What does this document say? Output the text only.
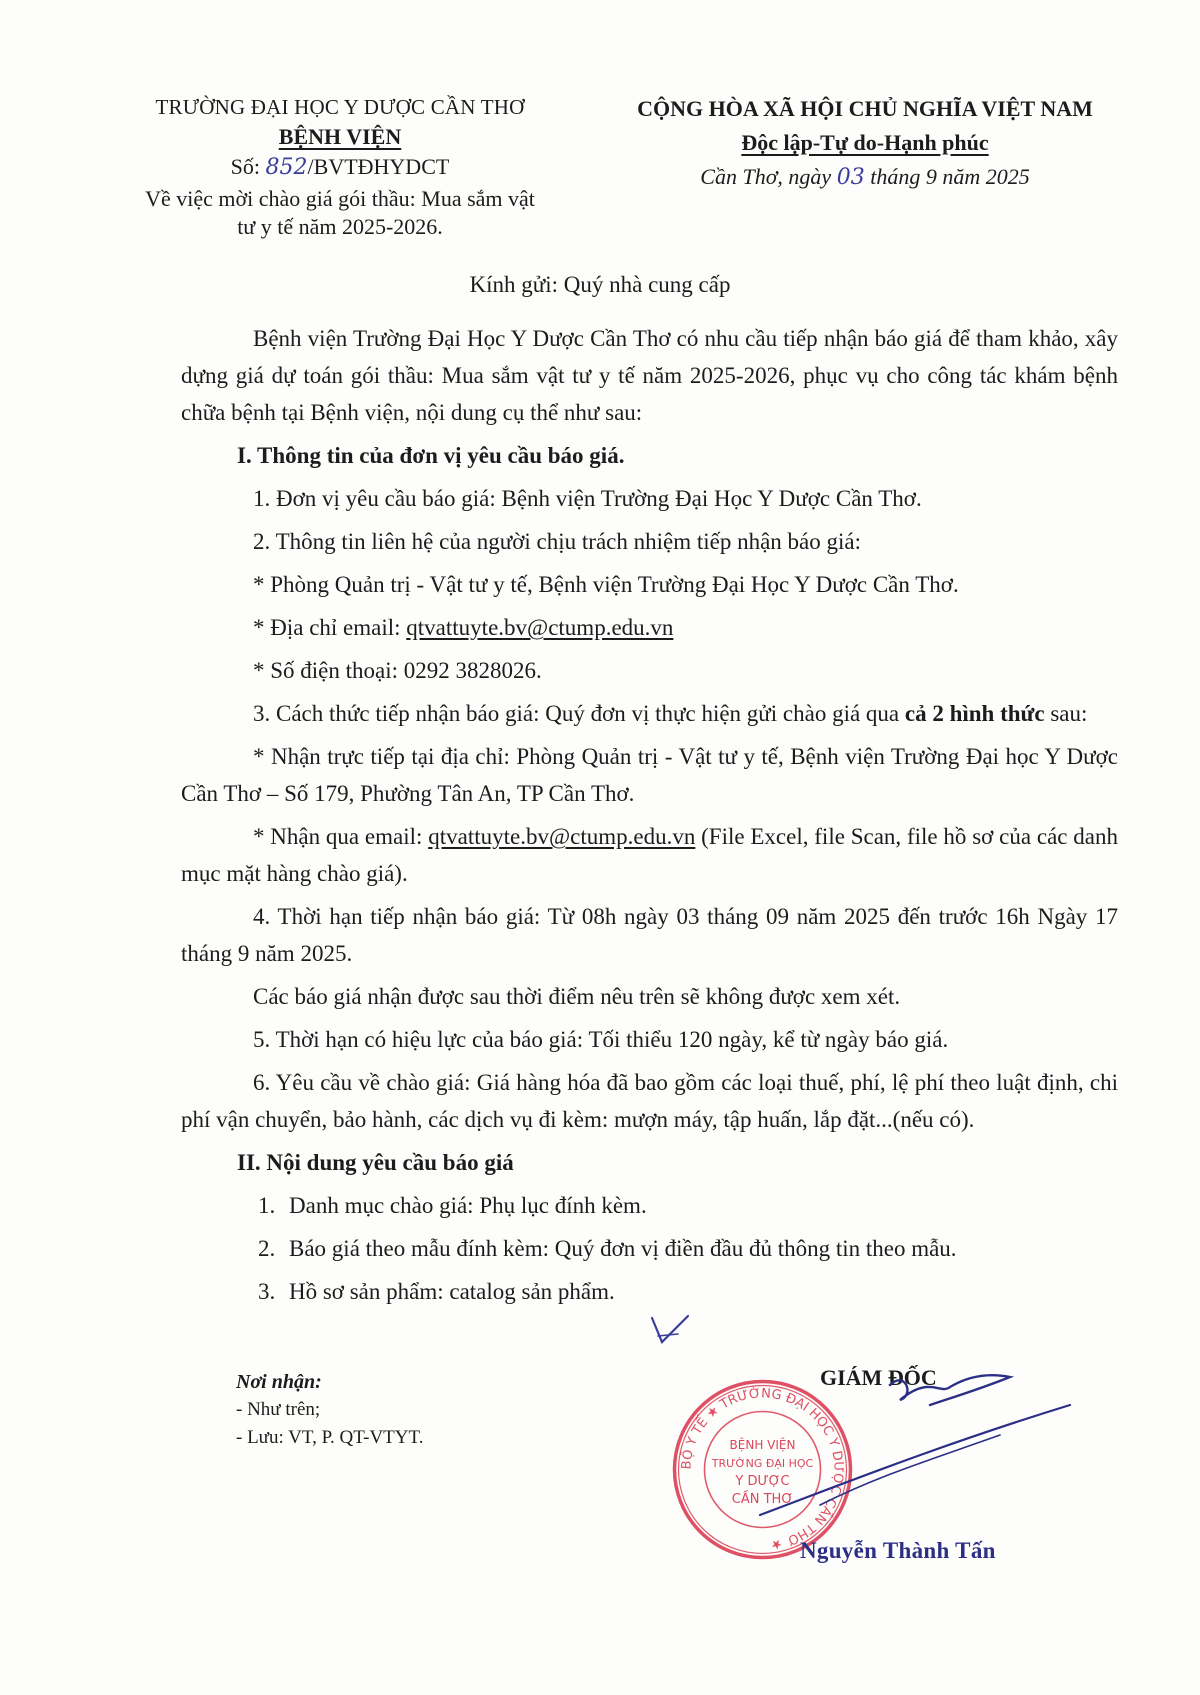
TRƯỜNG ĐẠI HỌC Y DƯỢC CẦN THƠ
BỆNH VIỆN
Số: 852/BVTĐHYDCT
Về việc mời chào giá gói thầu: Mua sắm vật
tư y tế năm 2025-2026.
CỘNG HÒA XÃ HỘI CHỦ NGHĨA VIỆT NAM
Độc lập-Tự do-Hạnh phúc
Cần Thơ, ngày 03 tháng 9 năm 2025
Kính gửi: Quý nhà cung cấp

Bệnh viện Trường Đại Học Y Dược Cần Thơ có nhu cầu tiếp nhận báo giá để tham khảo, xây dựng giá dự toán gói thầu: Mua sắm vật tư y tế năm 2025-2026, phục vụ cho công tác khám bệnh chữa bệnh tại Bệnh viện, nội dung cụ thể như sau:

I. Thông tin của đơn vị yêu cầu báo giá.

1. Đơn vị yêu cầu báo giá: Bệnh viện Trường Đại Học Y Dược Cần Thơ.

2. Thông tin liên hệ của người chịu trách nhiệm tiếp nhận báo giá:

* Phòng Quản trị - Vật tư y tế, Bệnh viện Trường Đại Học Y Dược Cần Thơ.

* Địa chỉ email: qtvattuyte.bv@ctump.edu.vn

* Số điện thoại: 0292 3828026.

3. Cách thức tiếp nhận báo giá: Quý đơn vị thực hiện gửi chào giá qua cả 2 hình thức sau:

* Nhận trực tiếp tại địa chỉ: Phòng Quản trị - Vật tư y tế, Bệnh viện Trường Đại học Y Dược Cần Thơ – Số 179, Phường Tân An, TP Cần Thơ.

* Nhận qua email: qtvattuyte.bv@ctump.edu.vn (File Excel, file Scan, file hồ sơ của các danh mục mặt hàng chào giá).

4. Thời hạn tiếp nhận báo giá: Từ 08h ngày 03 tháng 09 năm 2025 đến trước 16h Ngày 17 tháng 9 năm 2025.

Các báo giá nhận được sau thời điểm nêu trên sẽ không được xem xét.

5. Thời hạn có hiệu lực của báo giá: Tối thiểu 120 ngày, kể từ ngày báo giá.

6. Yêu cầu về chào giá: Giá hàng hóa đã bao gồm các loại thuế, phí, lệ phí theo luật định, chi phí vận chuyển, bảo hành, các dịch vụ đi kèm: mượn máy, tập huấn, lắp đặt...(nếu có).

II. Nội dung yêu cầu báo giá
1. Danh mục chào giá: Phụ lục đính kèm.
2. Báo giá theo mẫu đính kèm: Quý đơn vị điền đầu đủ thông tin theo mẫu.
3. Hồ sơ sản phẩm: catalog sản phẩm.
Nơi nhận:
- Như trên;
- Lưu: VT, P. QT-VTYT.
GIÁM ĐỐC
BỘ Y TẾ ★ TRƯỜNG ĐẠI HỌC Y DƯỢC CẦN THƠ ★
BỆNH VIỆN
TRƯỜNG ĐẠI HỌC
Y DƯỢC
CẦN THƠ
Nguyễn Thành Tấn
